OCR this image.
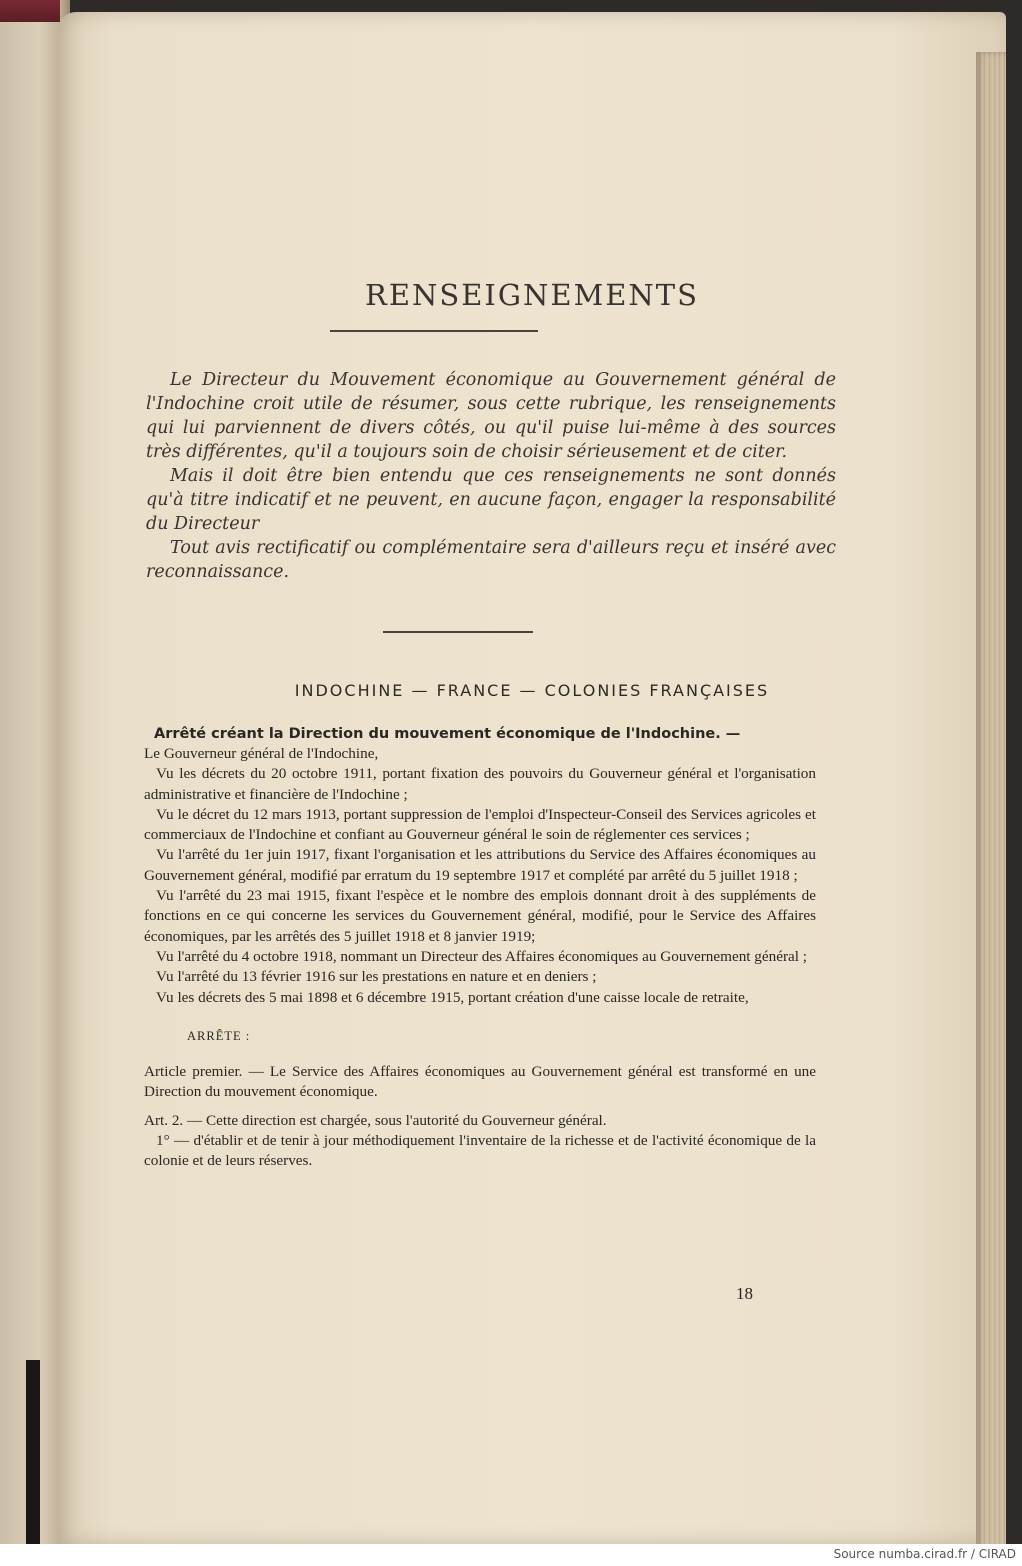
RENSEIGNEMENTS

Le Directeur du Mouvement économique au Gouvernement général de l'Indochine croit utile de résumer, sous cette rubrique, les renseignements qui lui parviennent de divers côtés, ou qu'il puise lui-même à des sources très différentes, qu'il a toujours soin de choisir sérieusement et de citer.

Mais il doit être bien entendu que ces renseignements ne sont donnés qu'à titre indicatif et ne peuvent, en aucune façon, engager la responsabilité du Directeur

Tout avis rectificatif ou complémentaire sera d'ailleurs reçu et inséré avec reconnaissance.

INDOCHINE — FRANCE — COLONIES FRANÇAISES

Arrêté créant la Direction du mouvement économique de l'Indochine. —

Le Gouverneur général de l'Indochine,

Vu les décrets du 20 octobre 1911, portant fixation des pouvoirs du Gouverneur général et l'organisation administrative et financière de l'Indochine ;

Vu le décret du 12 mars 1913, portant suppression de l'emploi d'Inspecteur-Conseil des Services agricoles et commerciaux de l'Indochine et confiant au Gouverneur général le soin de réglementer ces services ;

Vu l'arrêté du 1er juin 1917, fixant l'organisation et les attributions du Service des Affaires économiques au Gouvernement général, modifié par erratum du 19 septembre 1917 et complété par arrêté du 5 juillet 1918 ;

Vu l'arrêté du 23 mai 1915, fixant l'espèce et le nombre des emplois donnant droit à des suppléments de fonctions en ce qui concerne les services du Gouvernement général, modifié, pour le Service des Affaires économiques, par les arrêtés des 5 juillet 1918 et 8 janvier 1919;

Vu l'arrêté du 4 octobre 1918, nommant un Directeur des Affaires économiques au Gouvernement général ;

Vu l'arrêté du 13 février 1916 sur les prestations en nature et en deniers ;

Vu les décrets des 5 mai 1898 et 6 décembre 1915, portant création d'une caisse locale de retraite,

ARRÊTE :

Article premier. — Le Service des Affaires économiques au Gouvernement général est transformé en une Direction du mouvement économique.

Art. 2. — Cette direction est chargée, sous l'autorité du Gouverneur général.

1° — d'établir et de tenir à jour méthodiquement l'inventaire de la richesse et de l'activité économique de la colonie et de leurs réserves.

18
Source numba.cirad.fr / CIRAD
